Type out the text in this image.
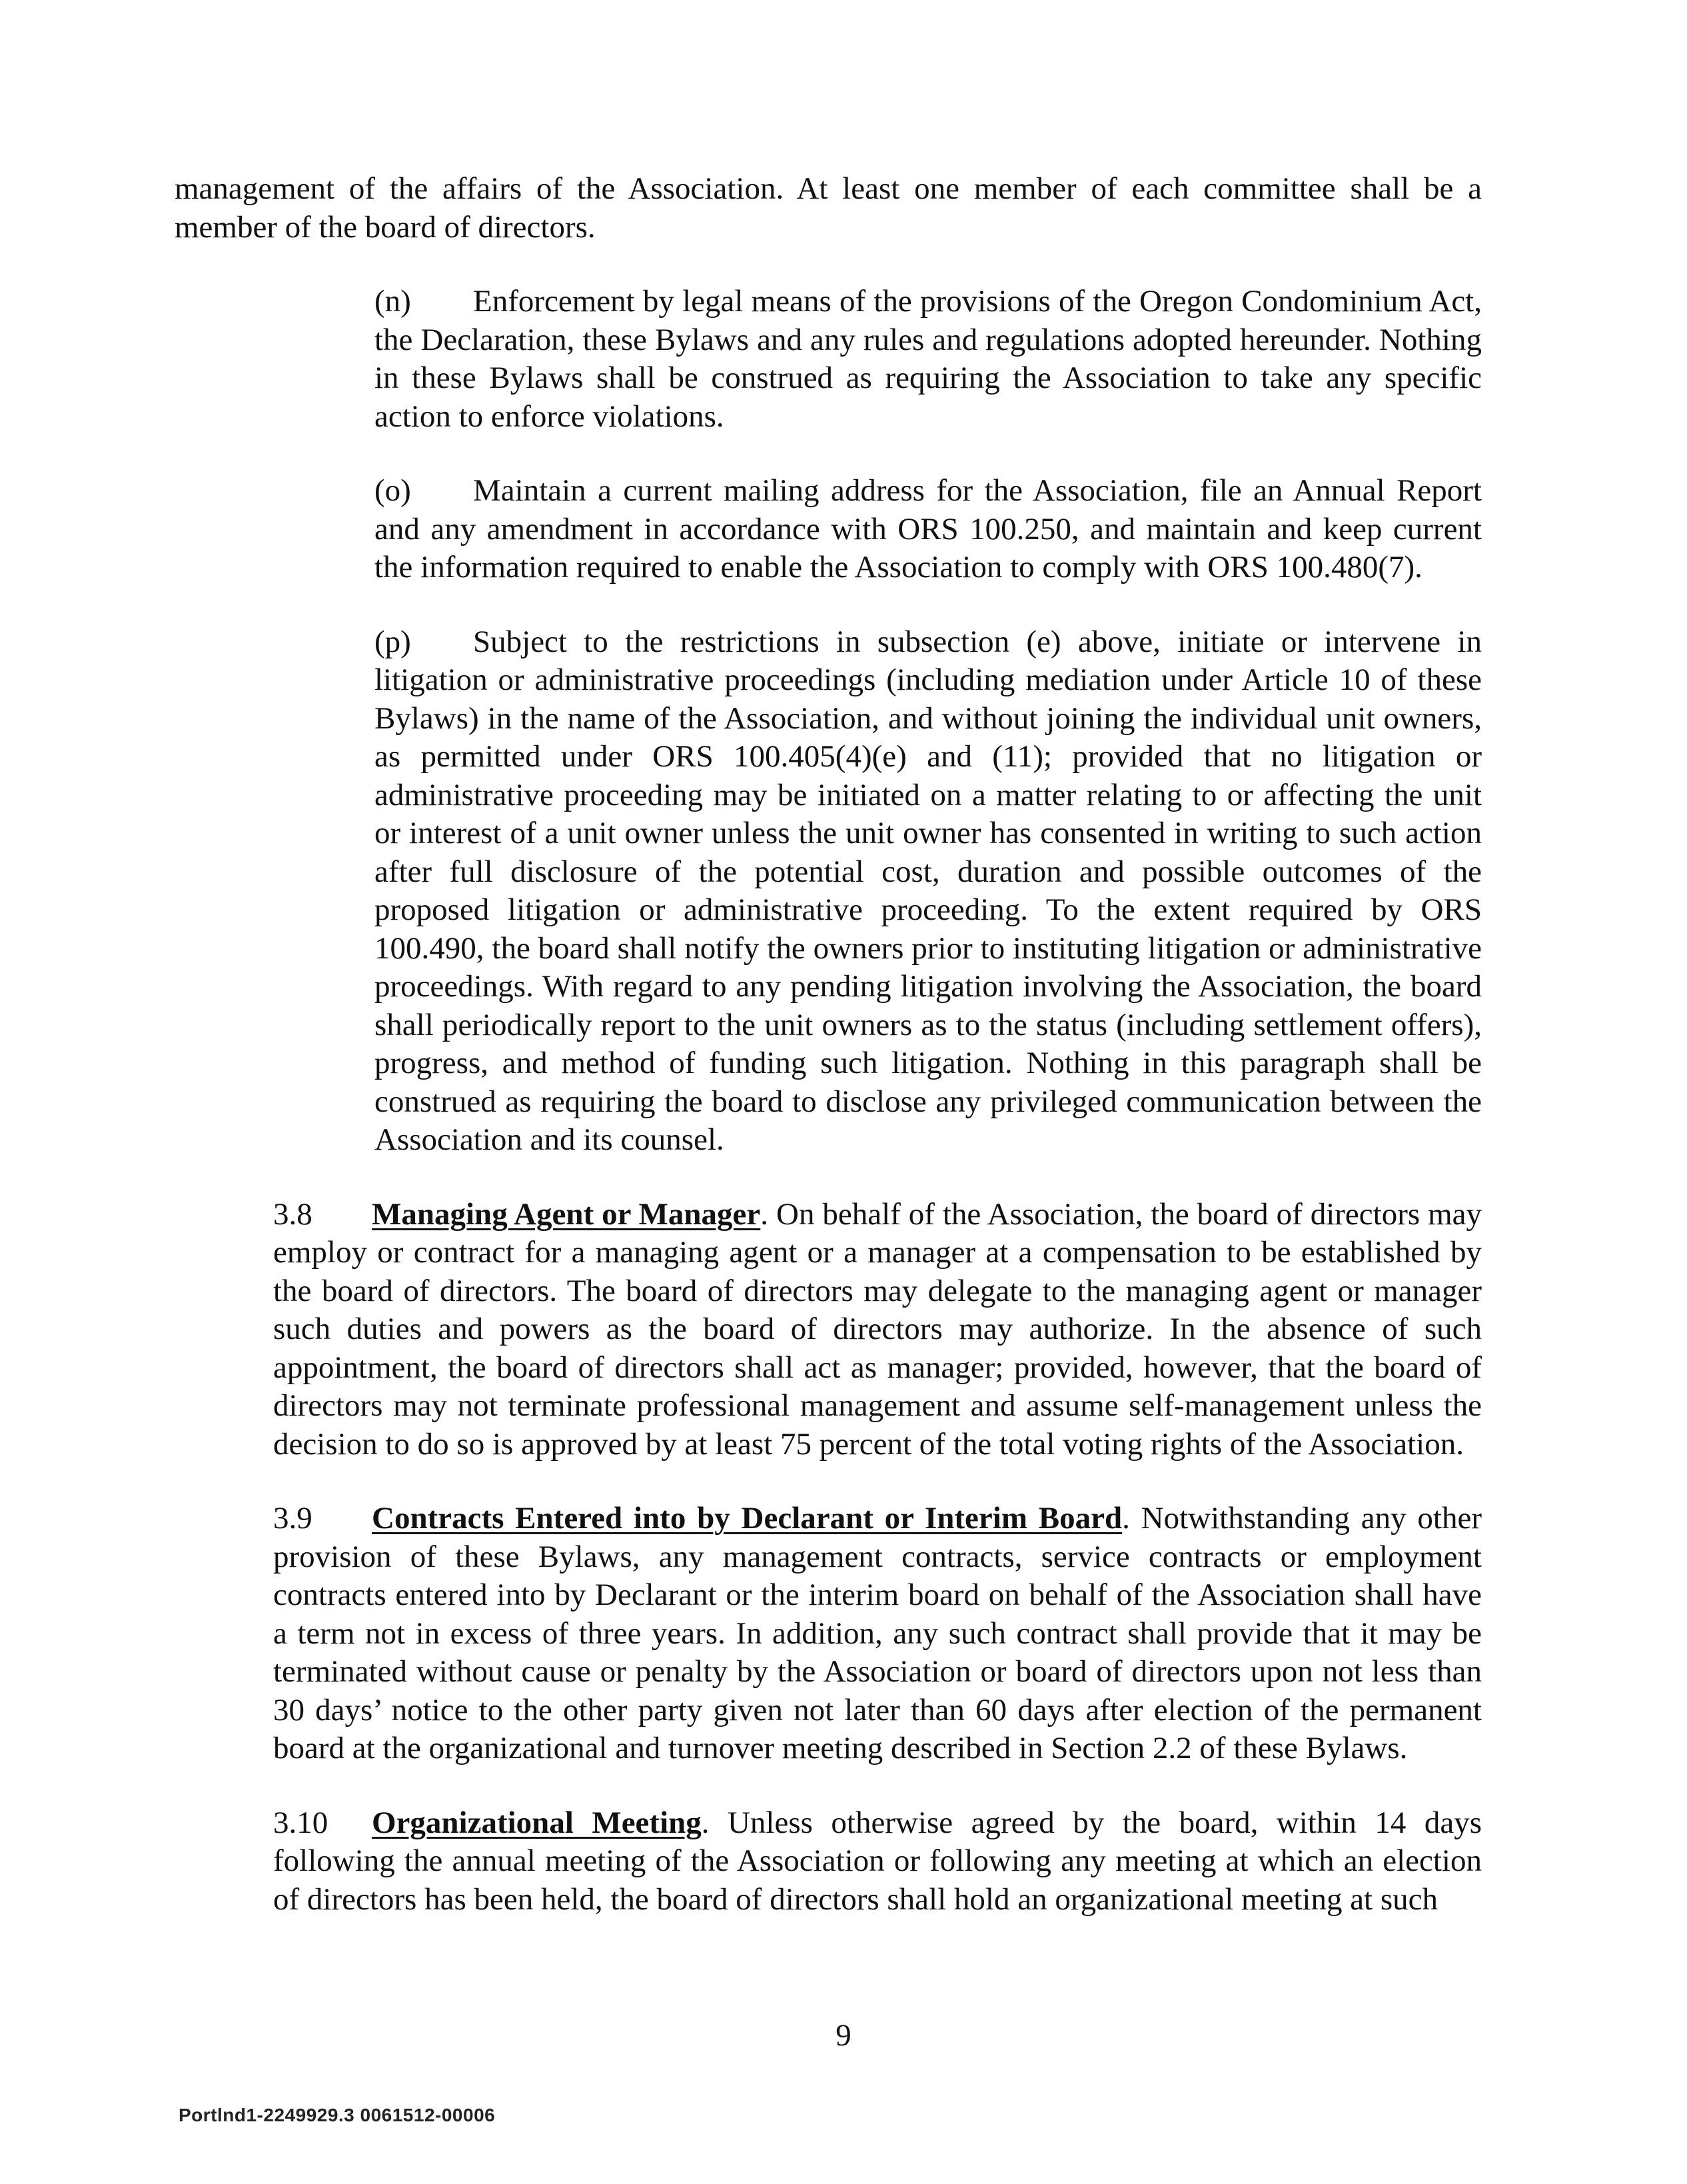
management of the affairs of the Association. At least one member of each committee shall be a member of the board of directors.

(n) Enforcement by legal means of the provisions of the Oregon Condominium Act, the Declaration, these Bylaws and any rules and regulations adopted hereunder. Nothing in these Bylaws shall be construed as requiring the Association to take any specific action to enforce violations.

(o) Maintain a current mailing address for the Association, file an Annual Report and any amendment in accordance with ORS 100.250, and maintain and keep current the information required to enable the Association to comply with ORS 100.480(7).

(p) Subject to the restrictions in subsection (e) above, initiate or intervene in litigation or administrative proceedings (including mediation under Article 10 of these Bylaws) in the name of the Association, and without joining the individual unit owners, as permitted under ORS 100.405(4)(e) and (11); provided that no litigation or administrative proceeding may be initiated on a matter relating to or affecting the unit or interest of a unit owner unless the unit owner has consented in writing to such action after full disclosure of the potential cost, duration and possible outcomes of the proposed litigation or administrative proceeding. To the extent required by ORS 100.490, the board shall notify the owners prior to instituting litigation or administrative proceedings. With regard to any pending litigation involving the Association, the board shall periodically report to the unit owners as to the status (including settlement offers), progress, and method of funding such litigation. Nothing in this paragraph shall be construed as requiring the board to disclose any privileged communication between the Association and its counsel.

3.8 Managing Agent or Manager. On behalf of the Association, the board of directors may employ or contract for a managing agent or a manager at a compensation to be established by the board of directors. The board of directors may delegate to the managing agent or manager such duties and powers as the board of directors may authorize. In the absence of such appointment, the board of directors shall act as manager; provided, however, that the board of directors may not terminate professional management and assume self-management unless the decision to do so is approved by at least 75 percent of the total voting rights of the Association.

3.9 Contracts Entered into by Declarant or Interim Board. Notwithstanding any other provision of these Bylaws, any management contracts, service contracts or employment contracts entered into by Declarant or the interim board on behalf of the Association shall have a term not in excess of three years. In addition, any such contract shall provide that it may be terminated without cause or penalty by the Association or board of directors upon not less than 30 days’ notice to the other party given not later than 60 days after election of the permanent board at the organizational and turnover meeting described in Section 2.2 of these Bylaws.

3.10 Organizational Meeting. Unless otherwise agreed by the board, within 14 days following the annual meeting of the Association or following any meeting at which an election of directors has been held, the board of directors shall hold an organizational meeting at such

9
Portlnd1-2249929.3 0061512-00006
